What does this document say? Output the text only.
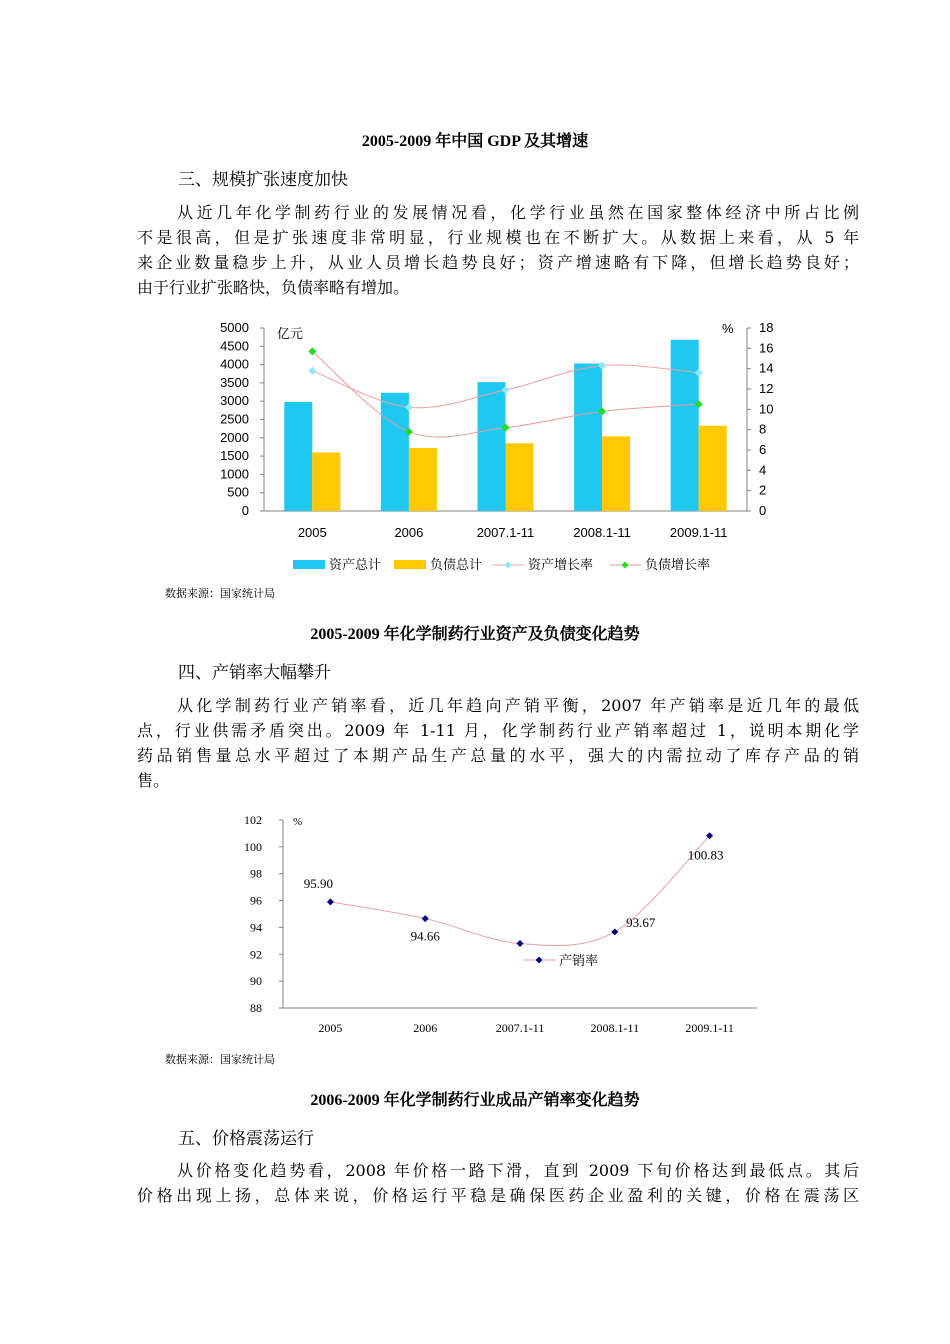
2005-2009 年中国 GDP 及其增速
三、规模扩张速度加快
从近几年化学制药行业的发展情况看，化学行业虽然在国家整体经济中所占比例
不是很高，但是扩张速度非常明显，行业规模也在不断扩大。从数据上来看，从 5 年
来企业数量稳步上升，从业人员增长趋势良好；资产增速略有下降，但增长趋势良好；
由于行业扩张略快，负债率略有增加。
0
500
1000
1500
2000
2500
3000
3500
4000
4500
5000
0
2
4
6
8
10
12
14
16
18
亿元	%
2005	2006	2007.1-11	2008.1-11	2009.1-11
资产总计	负债总计	资产增长率	负债增长率
数据来源：国家统计局
2005-2009 年化学制药行业资产及负债变化趋势
四、产销率大幅攀升
从化学制药行业产销率看，近几年趋向产销平衡，2007 年产销率是近几年的最低
点，行业供需矛盾突出。2009 年 1-11 月，化学制药行业产销率超过 1，说明本期化学
药品销售量总水平超过了本期产品生产总量的水平，强大的内需拉动了库存产品的销
售。
88
90
92
94
96
98
100
102	%
95.90
94.66
93.67
100.83
2005	2006	2007.1-11	2008.1-11	2009.1-11
产销率
数据来源：国家统计局
2006-2009 年化学制药行业成品产销率变化趋势
五、价格震荡运行
从价格变化趋势看，2008 年价格一路下滑，直到 2009 下旬价格达到最低点。其后
价格出现上扬，总体来说，价格运行平稳是确保医药企业盈利的关键，价格在震荡区
